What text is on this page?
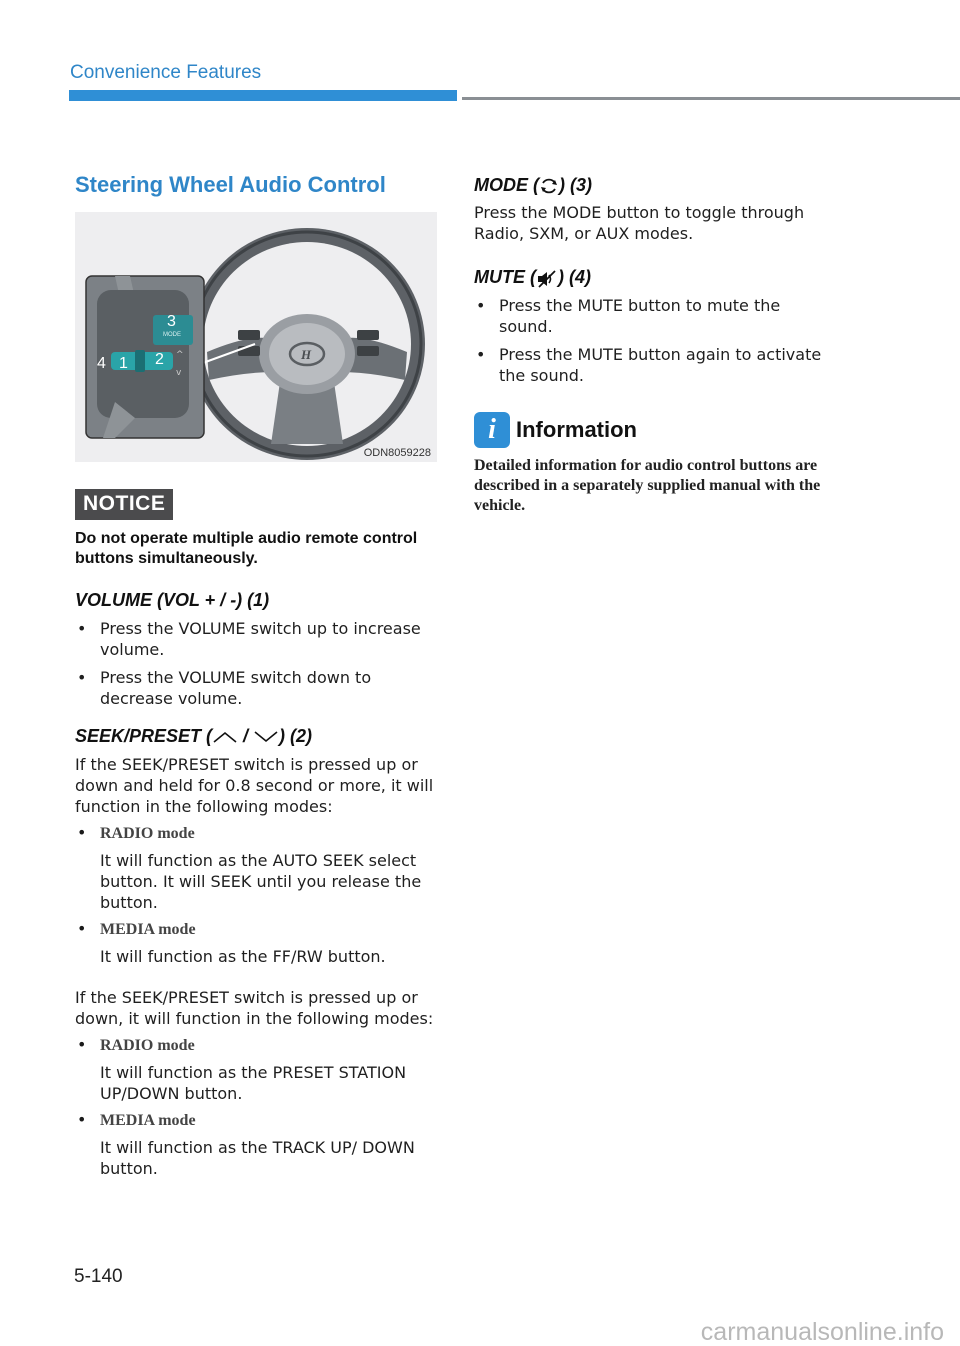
Convenience Features
Steering Wheel Audio Control
H
MODE
^
v
3
4 1 2
ODN8059228
NOTICE
Do not operate multiple audio remote control buttons simultaneously.
VOLUME (VOL + / -) (1)
• Press the VOLUME switch up to increase volume.
• Press the VOLUME switch down to decrease volume.
SEEK/PRESET ( / ) (2)

If the SEEK/PRESET switch is pressed up or down and held for 0.8 second or more, it will function in the following modes:

• RADIO mode
It will function as the AUTO SEEK select button. It will SEEK until you release the button.
• MEDIA mode
It will function as the FF/RW button.

If the SEEK/PRESET switch is pressed up or down, it will function in the following modes:

• RADIO mode
It will function as the PRESET STATION UP/DOWN button.
• MEDIA mode
It will function as the TRACK UP/ DOWN button.
MODE ( ) (3)

Press the MODE button to toggle through Radio, SXM, or AUX modes.

MUTE ( ) (4)
• Press the MUTE button to mute the sound.
• Press the MUTE button again to activate the sound.
i Information
Detailed information for audio control buttons are described in a separately supplied manual with the vehicle.
5-140
carmanualsonline.info
